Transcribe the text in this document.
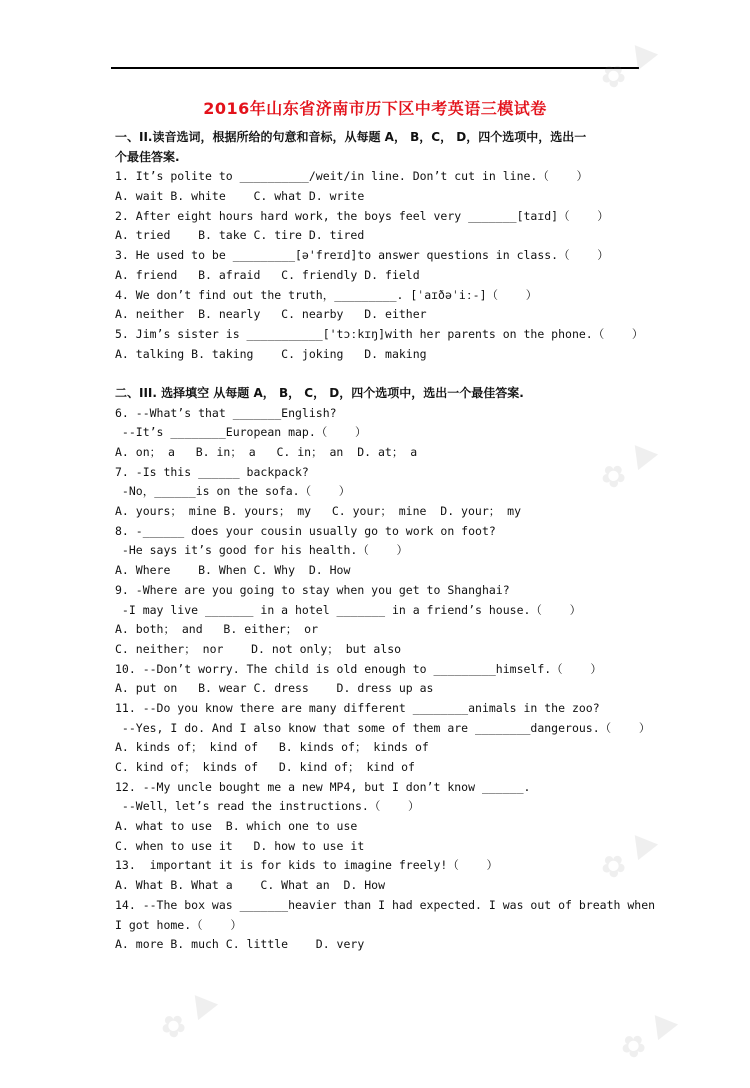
2016年山东省济南市历下区中考英语三模试卷
一、II.读音选词，根据所给的句意和音标，从每题 A， B，C， D，四个选项中，选出一
个最佳答案.
1. It’s polite to __________/weit/in line. Don’t cut in line.（    ）
A. wait B. white    C. what D. write
2. After eight hours hard work, the boys feel very _______[taɪd]（    ）
A. tried    B. take C. tire D. tired
3. He used to be _________[ə'freɪd]to answer questions in class.（    ）
A. friend   B. afraid   C. friendly D. field
4. We don’t find out the truth，_________. [ˈaɪðəˈiː-]（    ）
A. neither  B. nearly   C. nearby   D. either
5. Jim’s sister is ___________['tɔːkɪŋ]with her parents on the phone.（    ）
A. talking B. taking    C. joking   D. making
二、III. 选择填空 从每题 A， B， C， D，四个选项中，选出一个最佳答案.
6. --What’s that _______English?
--It’s ________European map.（    ）
A. on； a   B. in； a   C. in； an  D. at； a
7. -Is this ______ backpack?
-No，______is on the sofa.（    ）
A. yours； mine B. yours； my   C. your； mine  D. your； my
8. -______ does your cousin usually go to work on foot?
-He says it’s good for his health.（    ）
A. Where    B. When C. Why  D. How
9. -Where are you going to stay when you get to Shanghai?
-I may live _______ in a hotel _______ in a friend’s house.（    ）
A. both； and   B. either； or
C. neither； nor    D. not only； but also
10. --Don’t worry. The child is old enough to _________himself.（    ）
A. put on   B. wear C. dress    D. dress up as
11. --Do you know there are many different ________animals in the zoo?
--Yes, I do. And I also know that some of them are ________dangerous.（    ）
A. kinds of； kind of   B. kinds of； kinds of
C. kind of； kinds of   D. kind of； kind of
12. --My uncle bought me a new MP4, but I don’t know ______.
--Well，let’s read the instructions.（    ）
A. what to use  B. which one to use
C. when to use it   D. how to use it
13.  important it is for kids to imagine freely!（    ）
A. What B. What a    C. What an  D. How
14. --The box was _______heavier than I had expected. I was out of breath when
I got home.（    ）
A. more B. much C. little    D. very
✿ ⛰
✿ ⛰
✿ ⛰
✿ ⛰	✿ ⛰
